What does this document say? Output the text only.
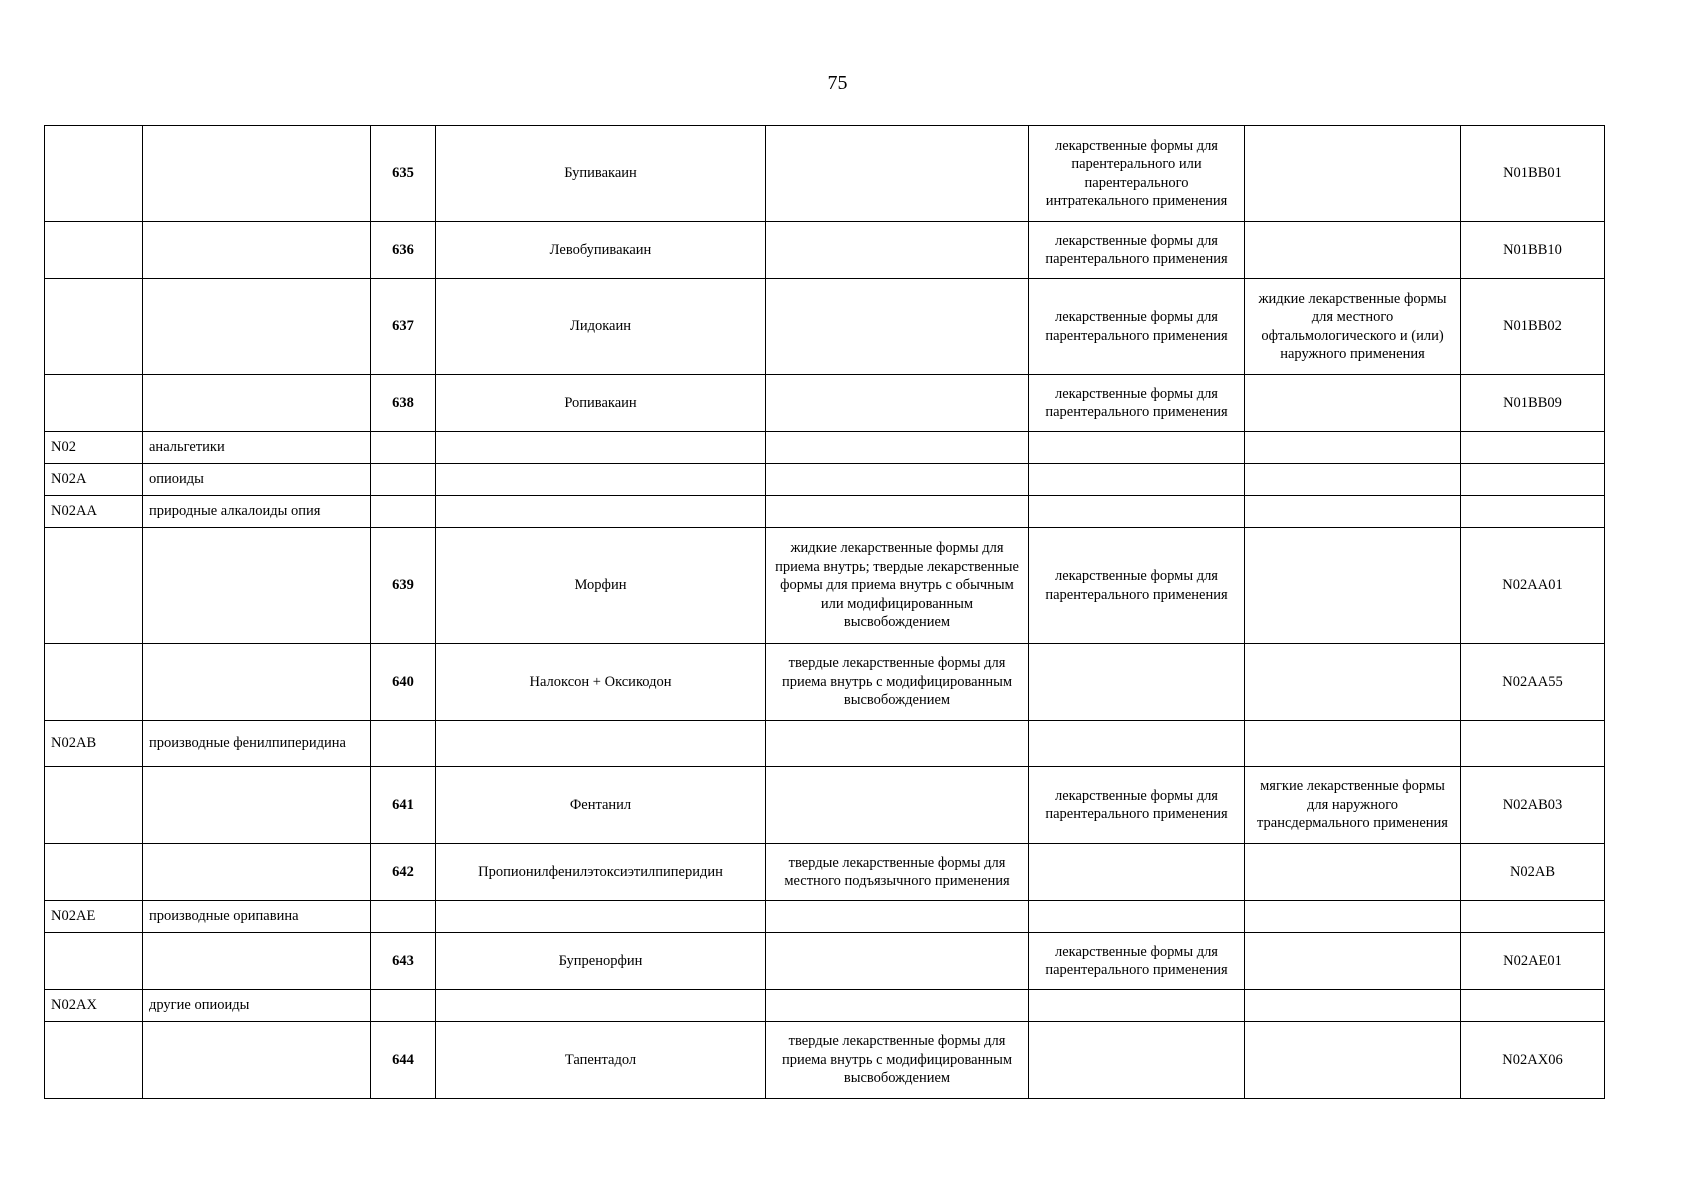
75
		635	Бупивакаин		лекарственные формы для парентерального или парентерального интратекального применения		N01BB01
		636	Левобупивакаин		лекарственные формы для парентерального применения		N01BB10
		637	Лидокаин		лекарственные формы для парентерального применения	жидкие лекарственные формы для местного офтальмологического и (или) наружного применения	N01BB02
		638	Ропивакаин		лекарственные формы для парентерального применения		N01BB09
N02	анальгетики						
N02A	опиоиды						
N02AA	природные алкалоиды опия						
		639	Морфин	жидкие лекарственные формы для приема внутрь; твердые лекарственные формы для приема внутрь с обычным или модифицированным высвобождением	лекарственные формы для парентерального применения		N02AA01
		640	Налоксон + Оксикодон	твердые лекарственные формы для приема внутрь с модифицированным высвобождением			N02AA55
N02AB	производные фенилпиперидина						
		641	Фентанил		лекарственные формы для парентерального применения	мягкие лекарственные формы для наружного трансдермального применения	N02AB03
		642	Пропионилфенилэтоксиэтилпиперидин	твердые лекарственные формы для местного подъязычного применения			N02AB
N02AE	производные орипавина						
		643	Бупренорфин		лекарственные формы для парентерального применения		N02AE01
N02AX	другие опиоиды						
		644	Тапентадол	твердые лекарственные формы для приема внутрь с модифицированным высвобождением			N02AX06
